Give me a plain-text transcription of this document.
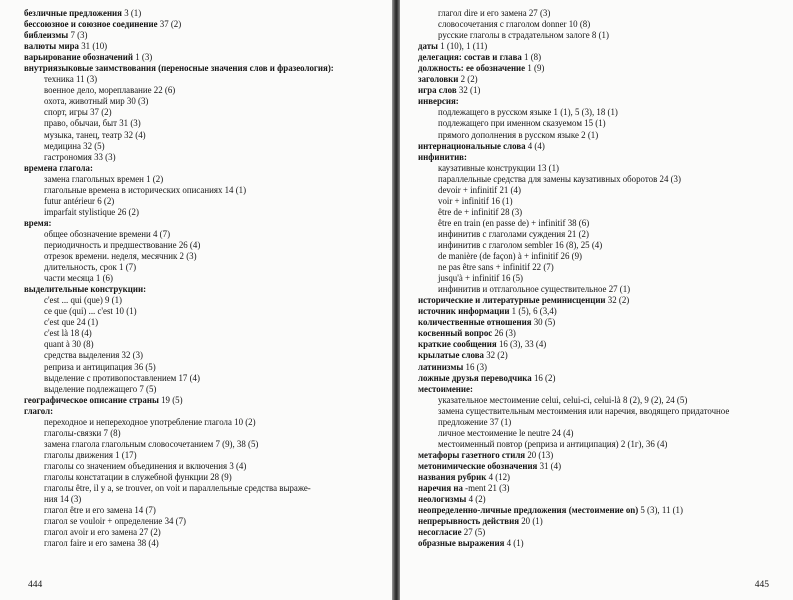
безличные предложения 3 (1)
бессоюзное и союзное соединение 37 (2)
библеизмы 7 (3)
валюты мира 31 (10)
варьирование обозначений 1 (3)
внутриязыковые заимствования (переносные значения слов и фразеология):
техника 11 (3)
военное дело, мореплавание 22 (6)
охота, животный мир 30 (3)
спорт, игры 37 (2)
право, обычаи, быт 31 (3)
музыка, танец, театр 32 (4)
медицина 32 (5)
гастрономия 33 (3)
времена глагола:
замена глагольных времен 1 (2)
глагольные времена в исторических описаниях 14 (1)
futur antérieur 6 (2)
imparfait stylistique 26 (2)
время:
общее обозначение времени 4 (7)
периодичность и предшествование 26 (4)
отрезок времени. неделя, месячник 2 (3)
длительность, срок 1 (7)
части месяца 1 (6)
выделительные конструкции:
c'est ... qui (que) 9 (1)
ce que (qui) ... c'est 10 (1)
c'est que 24 (1)
c'est là 18 (4)
quant à 30 (8)
средства выделения 32 (3)
реприза и антиципация 36 (5)
выделение с противопоставлением 17 (4)
выделение подлежащего 7 (5)
географическое описание страны 19 (5)
глагол:
переходное и непереходное употребление глагола 10 (2)
глаголы-связки 7 (8)
замена глагола глагольным словосочетанием 7 (9), 38 (5)
глаголы движения 1 (17)
глаголы со значением объединения и включения 3 (4)
глаголы констатации в служебной функции 28 (9)
глаголы être, il y a, se trouver, on voit и параллельные средства выраже-
ния 14 (3)
глагол être и его замена 14 (7)
глагол se vouloir + определение 34 (7)
глагол avoir и его замена 27 (2)
глагол faire и его замена 38 (4)
444
глагол dire и его замена 27 (3)
словосочетания с глаголом donner 10 (8)
русские глаголы в страдательном залоге 8 (1)
даты 1 (10), 1 (11)
делегация: состав и глава 1 (8)
должность: ее обозначение 1 (9)
заголовки 2 (2)
игра слов 32 (1)
инверсия:
подлежащего в русском языке 1 (1), 5 (3), 18 (1)
подлежащего при именном сказуемом 15 (1)
прямого дополнения в русском языке 2 (1)
интернациональные слова 4 (4)
инфинитив:
каузативные конструкции 13 (1)
параллельные средства для замены каузативных оборотов 24 (3)
devoir + infinitif 21 (4)
voir + infinitif 16 (1)
être de + infinitif 28 (3)
être en train (en passe de) + infinitif 38 (6)
инфинитив с глаголами суждения 21 (2)
инфинитив с глаголом sembler 16 (8), 25 (4)
de manière (de façon) à + infinitif 26 (9)
ne pas être sans + infinitif 22 (7)
jusqu'à + infinitif 16 (5)
инфинитив и отглагольное существительное 27 (1)
исторические и литературные реминисценции 32 (2)
источник информации 1 (5), 6 (3,4)
количественные отношения 30 (5)
косвенный вопрос 26 (3)
краткие сообщения 16 (3), 33 (4)
крылатые слова 32 (2)
латинизмы 16 (3)
ложные друзья переводчика 16 (2)
местоимение:
указательное местоимение celui, celui-ci, celui-là 8 (2), 9 (2), 24 (5)
замена существительным местоимения или наречия, вводящего придаточное
предложение 37 (1)
личное местоимение le neutre 24 (4)
местоименный повтор (реприза и антиципация) 2 (1г), 36 (4)
метафоры газетного стиля 20 (13)
метонимические обозначения 31 (4)
названия рубрик 4 (12)
наречия на -ment 21 (3)
неологизмы 4 (2)
неопределенно-личные предложения (местоимение on) 5 (3), 11 (1)
непрерывность действия 20 (1)
несогласие 27 (5)
образные выражения 4 (1)
445
